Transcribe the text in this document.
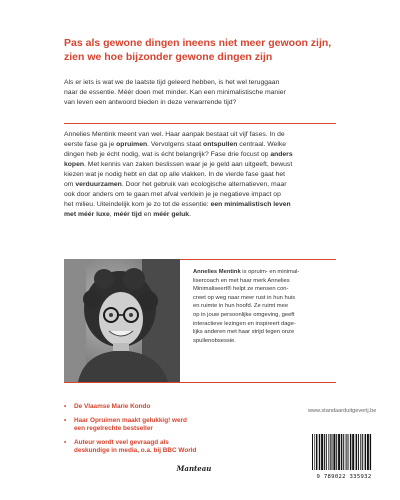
Pas als gewone dingen ineens niet meer gewoon zijn,
zien we hoe bijzonder gewone dingen zijn

Als er iets is wat we de laatste tijd geleerd hebben, is het wel teruggaan
naar de essentie. Méér doen met minder. Kan een minimalistische manier
van leven een antwoord bieden in deze verwarrende tijd?

Annelies Mentink meent van wel. Haar aanpak bestaat uit vijf fases. In de
eerste fase ga je opruimen. Vervolgens staat ontspullen centraal. Welke
dingen heb je écht nodig, wat is écht belangrijk? Fase drie focust op anders
kopen. Met kennis van zaken beslissen waar je je geld aan uitgeeft, bewust
kiezen wat je nodig hebt en dat op alle vlakken. In de vierde fase gaat het
om verduurzamen. Door het gebruik van ecologische alternatieven, maar
ook door anders om te gaan met afval verklein je je negatieve impact op
het milieu. Uiteindelijk kom je zo tot de essentie: een minimalistisch leven
met méér luxe, méér tijd en méér geluk.

Annelies Mentink is opruim- en minimal-
lisercoach en met haar merk Annelies
Minimaliseert® helpt ze mensen con-
creet op weg naar meer rust in hun huis
en ruimte in hun hoofd. Ze ruimt mee
op in jouw persoonlijke omgeving, geeft
interactieve lezingen en inspireert dage-
lijks anderen met haar strijd tegen onze
spullenobsessie.

• De Vlaamse Marie Kondo
• Haar Opruimen maakt gelukkig! werd
een regelrechte bestseller
• Auteur wordt veel gevraagd als
deskundige in media, o.a. bij BBC World
www.standaarduitgeverij.be
Manteau
9 789022 335932
